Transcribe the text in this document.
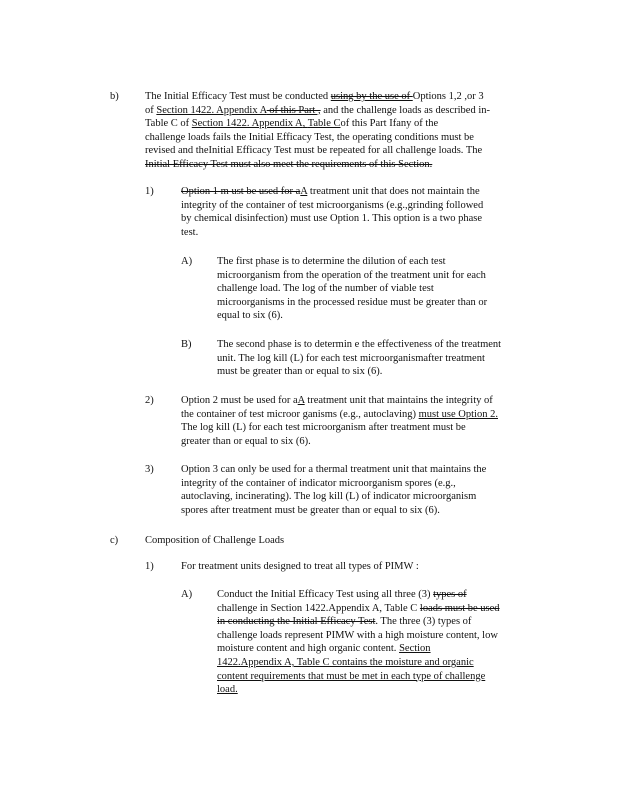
b)	The Initial Efficacy Test must be conducted using by the use of Options 1,2 ,or 3
of Section 1422. Appendix A of this Part , and the challenge loads as described in-
Table C of Section 1422. Appendix A, Table Cof this Part Ifany of the
challenge loads fails the Initial Efficacy Test, the operating conditions must be
revised and theInitial Efficacy Test must be repeated for all challenge loads. The
Initial Efficacy Test must also meet the requirements of this Section.
1)	Option 1 m ust be used for aA treatment unit that does not maintain the
integrity of the container of test microorganisms (e.g.,grinding followed
by chemical disinfection) must use Option 1. This option is a two phase
test.
A) The first phase is to determine the dilution of each test
microorganism from the operation of the treatment unit for each
challenge load. The log of the number of viable test
microorganisms in the processed residue must be greater than or
equal to six (6).
B) The second phase is to determin e the effectiveness of the treatment
unit. The log kill (L) for each test microorganismafter treatment
must be greater than or equal to six (6).
2)	Option 2 must be used for aA treatment unit that maintains the integrity of
the container of test microor ganisms (e.g., autoclaving) must use Option 2.
The log kill (L) for each test microorganism after treatment must be
greater than or equal to six (6).
3)	Option 3 can only be used for a thermal treatment unit that maintains the
integrity of the container of indicator microorganism spores (e.g.,
autoclaving, incinerating). The log kill (L) of indicator microorganism
spores after treatment must be greater than or equal to six (6).
c)	Composition of Challenge Loads
1)	For treatment units designed to treat all types of PIMW :
A) Conduct the Initial Efficacy Test using all three (3) types of
challenge in Section 1422.Appendix A, Table C loads must be used
in conducting the Initial Efficacy Test. The three (3) types of
challenge loads represent PIMW with a high moisture content, low
moisture content and high organic content. Section
1422.Appendix A, Table C contains the moisture and organic
content requirements that must be met in each type of challenge
load.
